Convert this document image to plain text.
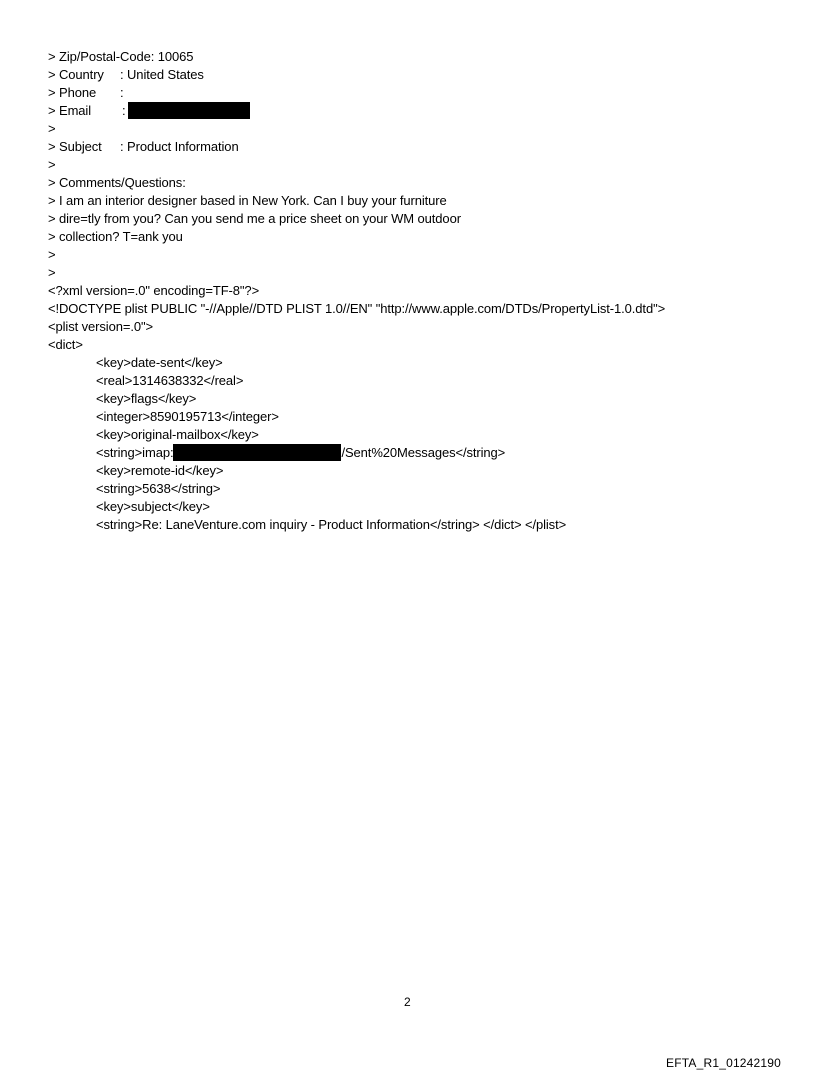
> Zip/Postal-Code: 10065
> Country : United States
> Phone :
> Email :
>
> Subject : Product Information
>
> Comments/Questions:
> I am an interior designer based in New York. Can I buy your furniture
> dire=tly from you? Can you send me a price sheet on your WM outdoor
> collection? T=ank you
>
>
<?xml version=.0" encoding=TF-8"?>
<!DOCTYPE plist PUBLIC "-//Apple//DTD PLIST 1.0//EN" "http://www.apple.com/DTDs/PropertyList-1.0.dtd">
<plist version=.0">
<dict>
<key>date-sent</key>
<real>1314638332</real>
<key>flags</key>
<integer>8590195713</integer>
<key>original-mailbox</key>
<string>imap:	/Sent%20Messages</string>
<key>remote-id</key>
<string>5638</string>
<key>subject</key>
<string>Re: LaneVenture.com inquiry - Product Information</string> </dict> </plist>
2
EFTA_R1_01242190
